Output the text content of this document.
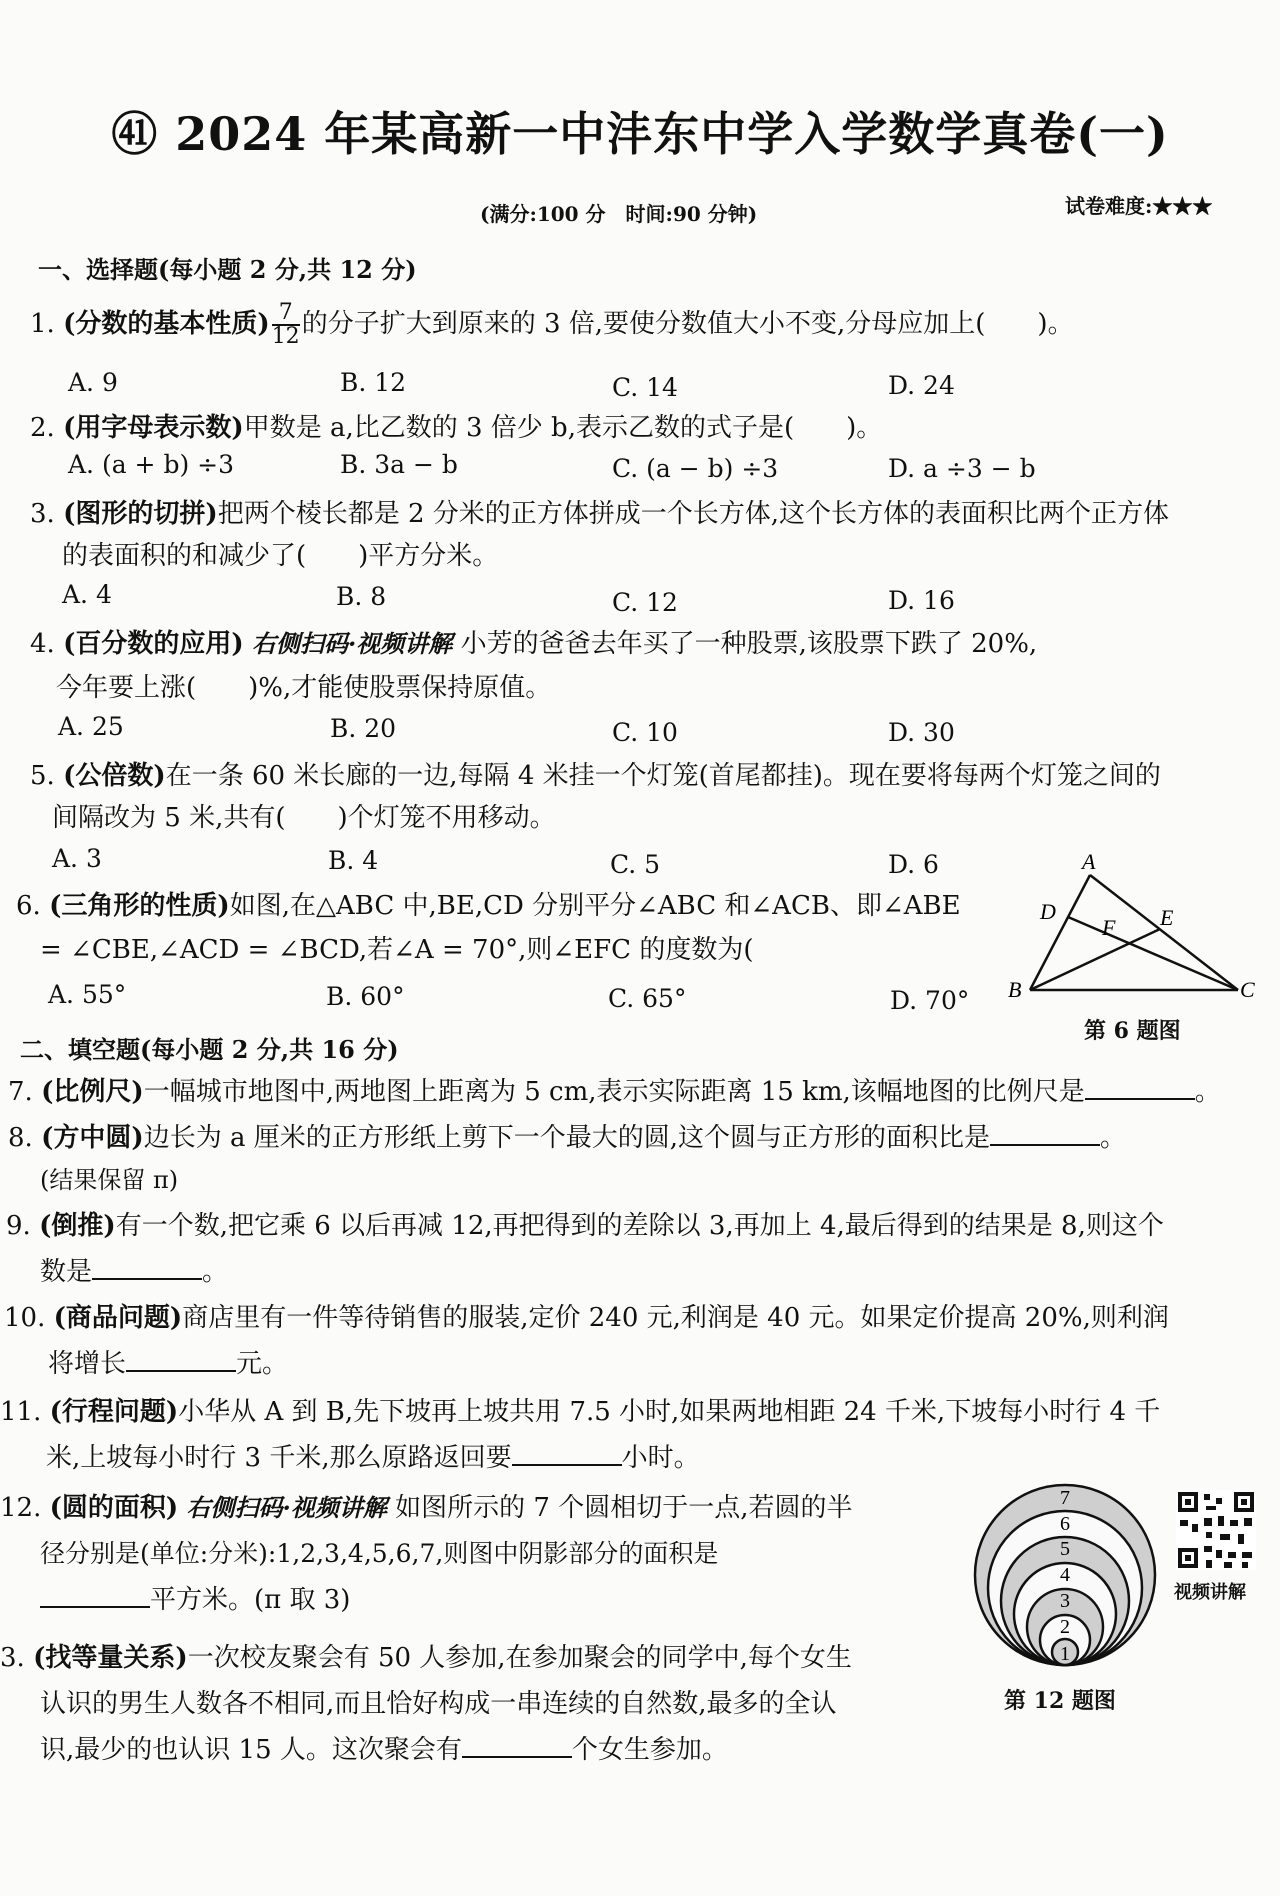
㊶ 2024 年某高新一中沣东中学入学数学真卷(一)
(满分:100 分　时间:90 分钟)	试卷难度:★★★
一、选择题(每小题 2 分,共 12 分)
1. (分数的基本性质) $\frac{7}{12}$ 的分子扩大到原来的 3 倍,要使分数值大小不变,分母应加上(　　)。
A. 9	B. 12	C. 14	D. 24
2. (用字母表示数)甲数是 a,比乙数的 3 倍少 b,表示乙数的式子是(　　)。
A. (a + b) ÷3	B. 3a − b	C. (a − b) ÷3	D. a ÷3 − b
3. (图形的切拼)把两个棱长都是 2 分米的正方体拼成一个长方体,这个长方体的表面积比两个正方体
的表面积的和减少了(　　)平方分米。
A. 4	B. 8	C. 12	D. 16
4. (百分数的应用) 右侧扫码·视频讲解 小芳的爸爸去年买了一种股票,该股票下跌了 20%,
今年要上涨(　　)%,才能使股票保持原值。
A. 25	B. 20	C. 10	D. 30
5. (公倍数)在一条 60 米长廊的一边,每隔 4 米挂一个灯笼(首尾都挂)。现在要将每两个灯笼之间的
间隔改为 5 米,共有(　　)个灯笼不用移动。
A. 3	B. 4	C. 5	D. 6
6. (三角形的性质)如图,在△ABC 中,BE,CD 分别平分∠ABC 和∠ACB、即∠ABE
= ∠CBE,∠ACD = ∠BCD,若∠A = 70°,则∠EFC 的度数为(
A. 55°	B. 60°	C. 65°	D. 70°
A
B	C
D	E
F
第 6 题图
二、填空题(每小题 2 分,共 16 分)
7. (比例尺)一幅城市地图中,两地图上距离为 5 cm,表示实际距离 15 km,该幅地图的比例尺是	。
8. (方中圆)边长为 a 厘米的正方形纸上剪下一个最大的圆,这个圆与正方形的面积比是	。
(结果保留 π)
9. (倒推)有一个数,把它乘 6 以后再减 12,再把得到的差除以 3,再加上 4,最后得到的结果是 8,则这个
数是	。
10. (商品问题)商店里有一件等待销售的服装,定价 240 元,利润是 40 元。如果定价提高 20%,则利润
将增长	元。
11. (行程问题)小华从 A 到 B,先下坡再上坡共用 7.5 小时,如果两地相距 24 千米,下坡每小时行 4 千
米,上坡每小时行 3 千米,那么原路返回要	小时。
12. (圆的面积) 右侧扫码·视频讲解 如图所示的 7 个圆相切于一点,若圆的半
径分别是(单位:分米):1,2,3,4,5,6,7,则图中阴影部分的面积是
平方米。(π 取 3)
3. (找等量关系)一次校友聚会有 50 人参加,在参加聚会的同学中,每个女生
认识的男生人数各不相同,而且恰好构成一串连续的自然数,最多的全认
识,最少的也认识 15 人。这次聚会有	个女生参加。
1
2
3
4
5
6
7
第 12 题图
视频讲解
